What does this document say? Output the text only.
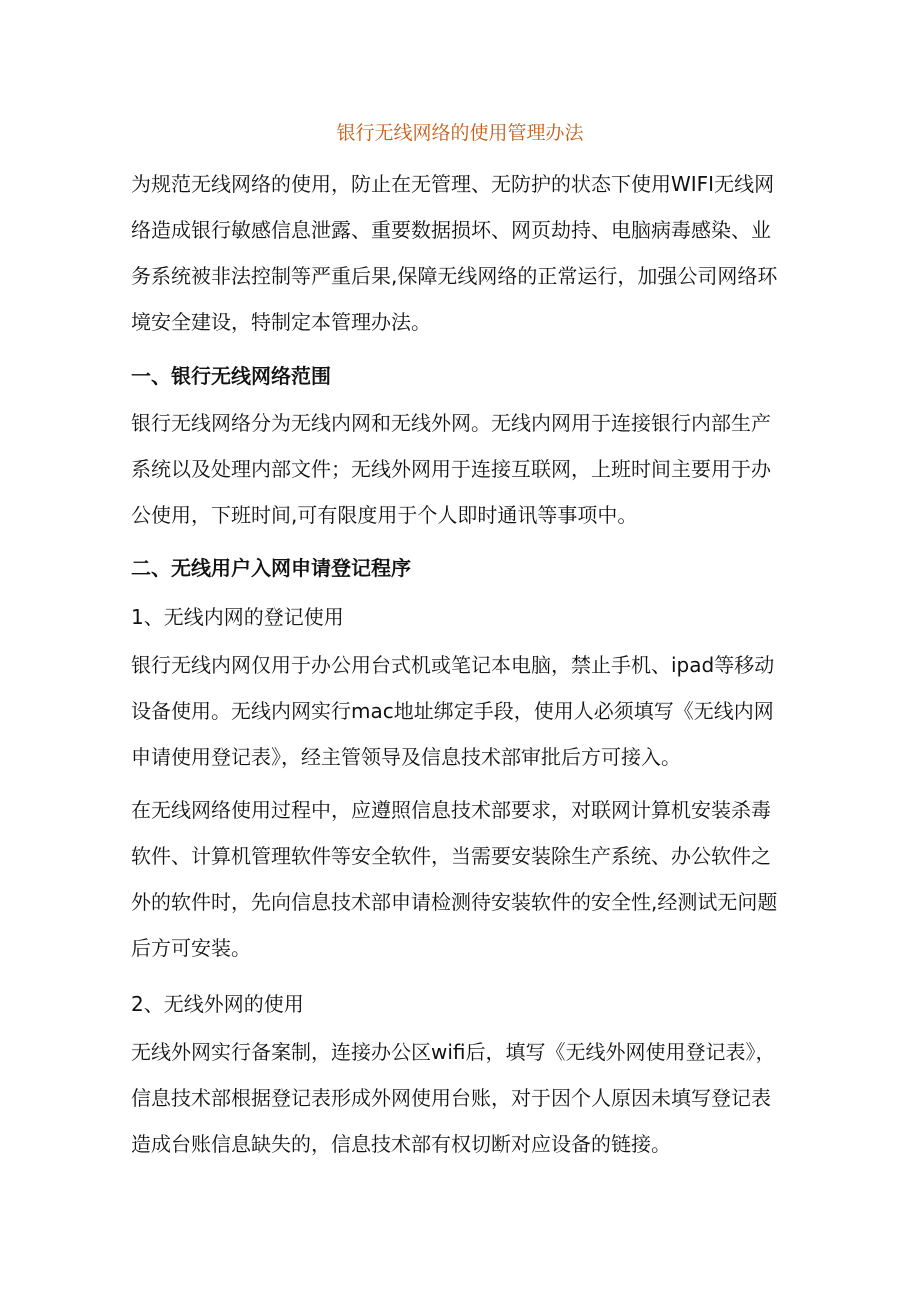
银行无线网络的使用管理办法
为规范无线网络的使用，防止在无管理、无防护的状态下使用WIFI无线网
络造成银行敏感信息泄露、重要数据损坏、网页劫持、电脑病毒感染、业
务系统被非法控制等严重后果,保障无线网络的正常运行，加强公司网络环
境安全建设，特制定本管理办法。
一、银行无线网络范围
银行无线网络分为无线内网和无线外网。无线内网用于连接银行内部生产
系统以及处理内部文件；无线外网用于连接互联网，上班时间主要用于办
公使用，下班时间,可有限度用于个人即时通讯等事项中。
二、无线用户入网申请登记程序
1、无线内网的登记使用
银行无线内网仅用于办公用台式机或笔记本电脑，禁止手机、ipad等移动
设备使用。无线内网实行mac地址绑定手段，使用人必须填写《无线内网
申请使用登记表》，经主管领导及信息技术部审批后方可接入。
在无线网络使用过程中，应遵照信息技术部要求，对联网计算机安装杀毒
软件、计算机管理软件等安全软件，当需要安装除生产系统、办公软件之
外的软件时，先向信息技术部申请检测待安装软件的安全性,经测试无问题
后方可安装。
2、无线外网的使用
无线外网实行备案制，连接办公区wifi后，填写《无线外网使用登记表》，
信息技术部根据登记表形成外网使用台账，对于因个人原因未填写登记表
造成台账信息缺失的，信息技术部有权切断对应设备的链接。
